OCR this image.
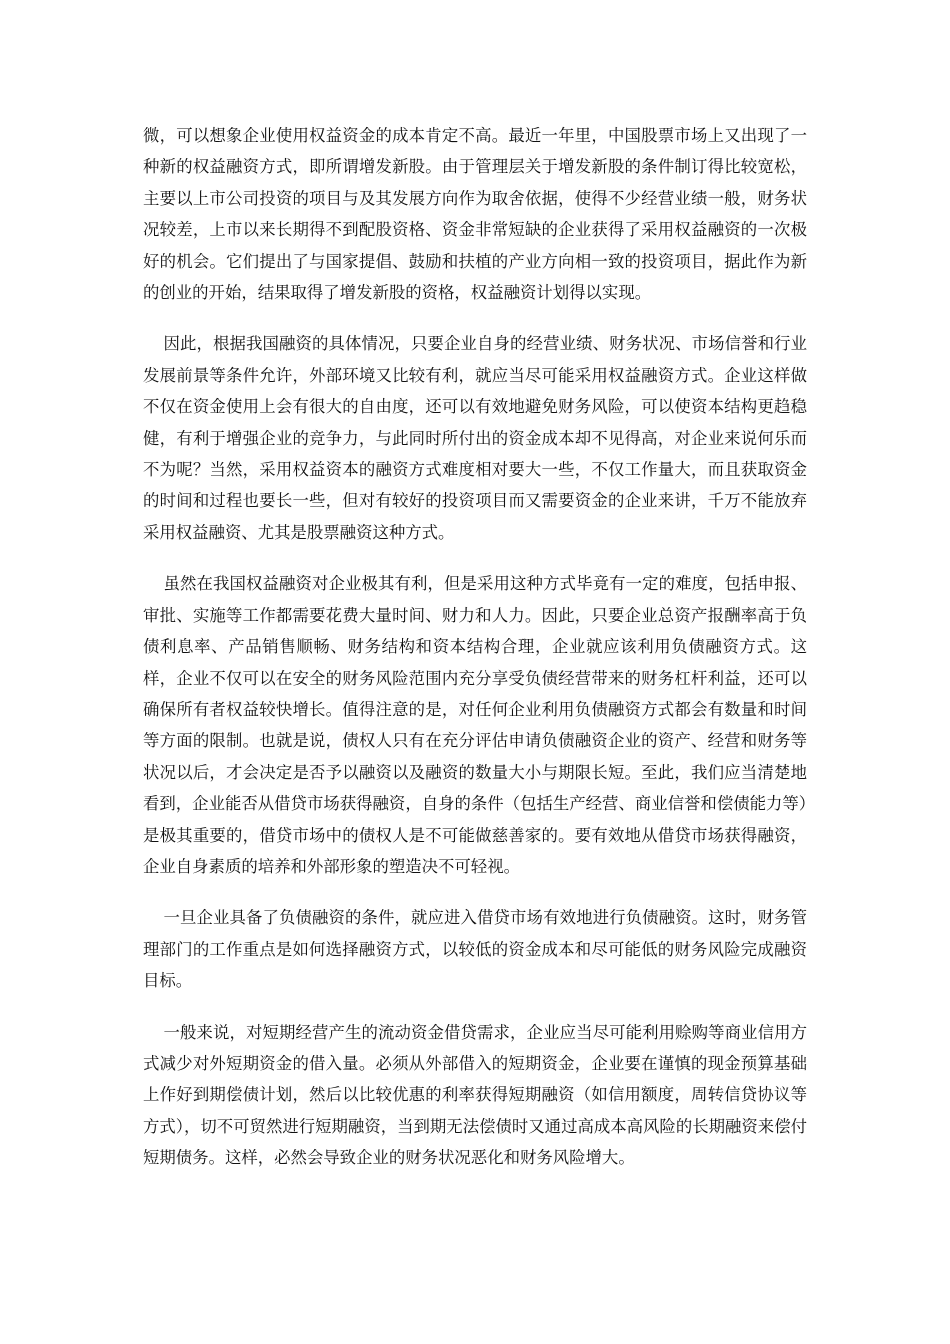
微，可以想象企业使用权益资金的成本肯定不高。最近一年里，中国股票市场上又出现了一种新的权益融资方式，即所谓增发新股。由于管理层关于增发新股的条件制订得比较宽松，主要以上市公司投资的项目与及其发展方向作为取舍依据，使得不少经营业绩一般，财务状况较差，上市以来长期得不到配股资格、资金非常短缺的企业获得了采用权益融资的一次极好的机会。它们提出了与国家提倡、鼓励和扶植的产业方向相一致的投资项目，据此作为新的创业的开始，结果取得了增发新股的资格，权益融资计划得以实现。

因此，根据我国融资的具体情况，只要企业自身的经营业绩、财务状况、市场信誉和行业发展前景等条件允许，外部环境又比较有利，就应当尽可能采用权益融资方式。企业这样做不仅在资金使用上会有很大的自由度，还可以有效地避免财务风险，可以使资本结构更趋稳健，有利于增强企业的竞争力，与此同时所付出的资金成本却不见得高，对企业来说何乐而不为呢？当然，采用权益资本的融资方式难度相对要大一些，不仅工作量大，而且获取资金的时间和过程也要长一些，但对有较好的投资项目而又需要资金的企业来讲，千万不能放弃采用权益融资、尤其是股票融资这种方式。

虽然在我国权益融资对企业极其有利，但是采用这种方式毕竟有一定的难度，包括申报、审批、实施等工作都需要花费大量时间、财力和人力。因此，只要企业总资产报酬率高于负债利息率、产品销售顺畅、财务结构和资本结构合理，企业就应该利用负债融资方式。这样，企业不仅可以在安全的财务风险范围内充分享受负债经营带来的财务杠杆利益，还可以确保所有者权益较快增长。值得注意的是，对任何企业利用负债融资方式都会有数量和时间等方面的限制。也就是说，债权人只有在充分评估申请负债融资企业的资产、经营和财务等状况以后，才会决定是否予以融资以及融资的数量大小与期限长短。至此，我们应当清楚地看到，企业能否从借贷市场获得融资，自身的条件（包括生产经营、商业信誉和偿债能力等）是极其重要的，借贷市场中的债权人是不可能做慈善家的。要有效地从借贷市场获得融资，企业自身素质的培养和外部形象的塑造决不可轻视。

一旦企业具备了负债融资的条件，就应进入借贷市场有效地进行负债融资。这时，财务管理部门的工作重点是如何选择融资方式，以较低的资金成本和尽可能低的财务风险完成融资目标。

一般来说，对短期经营产生的流动资金借贷需求，企业应当尽可能利用赊购等商业信用方式减少对外短期资金的借入量。必须从外部借入的短期资金，企业要在谨慎的现金预算基础上作好到期偿债计划，然后以比较优惠的利率获得短期融资（如信用额度，周转信贷协议等方式），切不可贸然进行短期融资，当到期无法偿债时又通过高成本高风险的长期融资来偿付短期债务。这样，必然会导致企业的财务状况恶化和财务风险增大。
